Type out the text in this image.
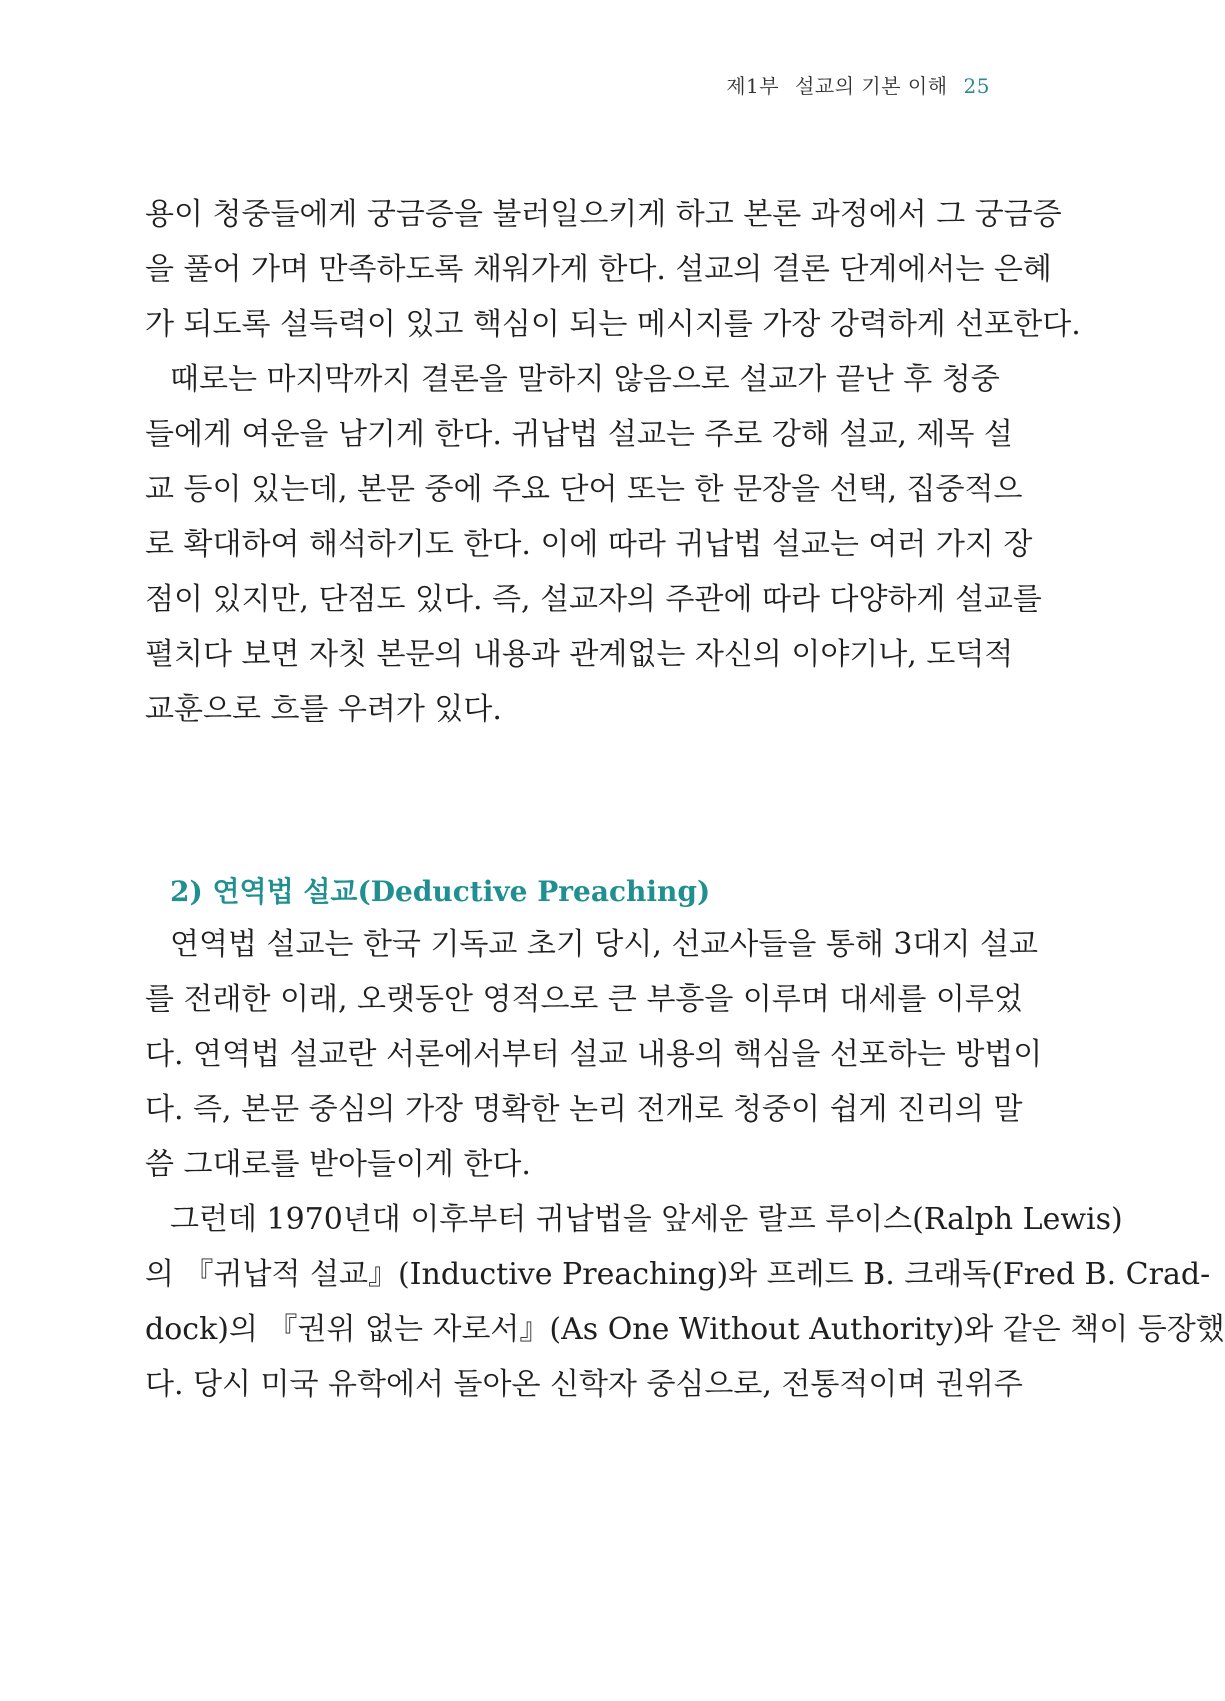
제1부 설교의 기본 이해 25
용이 청중들에게 궁금증을 불러일으키게 하고 본론 과정에서 그 궁금증
을 풀어 가며 만족하도록 채워가게 한다. 설교의 결론 단계에서는 은혜
가 되도록 설득력이 있고 핵심이 되는 메시지를 가장 강력하게 선포한다.
때로는 마지막까지 결론을 말하지 않음으로 설교가 끝난 후 청중
들에게 여운을 남기게 한다. 귀납법 설교는 주로 강해 설교, 제목 설
교 등이 있는데, 본문 중에 주요 단어 또는 한 문장을 선택, 집중적으
로 확대하여 해석하기도 한다. 이에 따라 귀납법 설교는 여러 가지 장
점이 있지만, 단점도 있다. 즉, 설교자의 주관에 따라 다양하게 설교를
펼치다 보면 자칫 본문의 내용과 관계없는 자신의 이야기나, 도덕적
교훈으로 흐를 우려가 있다.
2) 연역법 설교(Deductive Preaching)
연역법 설교는 한국 기독교 초기 당시, 선교사들을 통해 3대지 설교
를 전래한 이래, 오랫동안 영적으로 큰 부흥을 이루며 대세를 이루었
다. 연역법 설교란 서론에서부터 설교 내용의 핵심을 선포하는 방법이
다. 즉, 본문 중심의 가장 명확한 논리 전개로 청중이 쉽게 진리의 말
씀 그대로를 받아들이게 한다.
그런데 1970년대 이후부터 귀납법을 앞세운 랄프 루이스(Ralph Lewis)
의 『귀납적 설교』(Inductive Preaching)와 프레드 B. 크래독(Fred B. Crad-
dock)의 『권위 없는 자로서』(As One Without Authority)와 같은 책이 등장했
다. 당시 미국 유학에서 돌아온 신학자 중심으로, 전통적이며 권위주
